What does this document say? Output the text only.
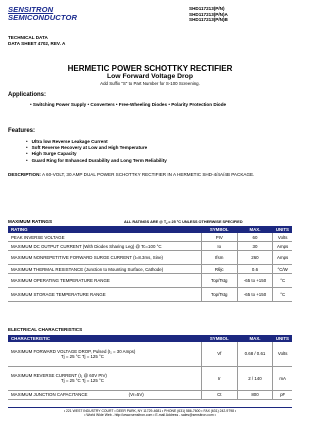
SENSITRON
SEMICONDUCTOR
SHD117213(P/N)
SHD117213(P/N)A
SHD117213(P/N)B
TECHNICAL DATA
DATA SHEET 4702, REV. A
HERMETIC POWER SCHOTTKY RECTIFIER
Low Forward Voltage Drop
Add Suffix "S" to Part Number for S-100 Screening.
Applications:
• Switching Power Supply • Converters • Free-Wheeling Diodes • Polarity Protection Diode
Features:
• Ultra low Reverse Leakage Current
• Soft Reverse Recovery at Low and High Temperature
• High Surge Capacity
• Guard Ring for Enhanced Durability and Long Term Reliability
DESCRIPTION: A 60-VOLT, 30 AMP DUAL POWER SCHOTTKY RECTIFIER IN A HERMETIC SHD-4/4A/4B PACKAGE.
MAXIMUM RATINGS	ALL RATINGS ARE @ T⁁ = 25 °C UNLESS OTHERWISE SPECIFIED
RATING	SYMBOL	MAX.	UNITS
PEAK INVERSE VOLTAGE	PIV	60	Volts
MAXIMUM DC OUTPUT CURRENT (With Diodes Sharing Leg) @ Tc=100 °C	Io	30	Amps
MAXIMUM NONREPETITIVE FORWARD SURGE CURRENT (t=8.3ms, Sine)	Ifsm	260	Amps
MAXIMUM THERMAL RESISTANCE (Junction to Mounting Surface, Cathode)	Rθjc	0.6	°C/W
MAXIMUM OPERATING TEMPERATURE RANGE	Top/Tstg	-65 to +150	°C
MAXIMUM STORAGE TEMPERATURE RANGE	Top/Tstg	-65 to +150	°C
ELECTRICAL CHARACTERISTICS
CHARACTERISTIC	SYMBOL	MAX.	UNITS

MAXIMUM FORWARD VOLTAGE DROP, Pulsed (I₁ = 30 Amps)
Tj = 25 °C Tj = 125 °C	Vf	0.68 / 0.61	Volts

MAXIMUM REVERSE CURRENT (I₁ @ 60V PIV)
Tj = 25 °C Tj = 125 °C	Ir	2 / 140	mA
MAXIMUM JUNCTION CAPACITANCE (Vr=5V)	Ct	800	pF
• 221 WEST INDUSTRY COURT • DEER PARK, NY 11729-4681 • PHONE (631) 586-7600 • FAX (631) 242-9798 •
• World Wide Web - http://www.sensitron.com • E-mail Address - sales@sensitron.com •
